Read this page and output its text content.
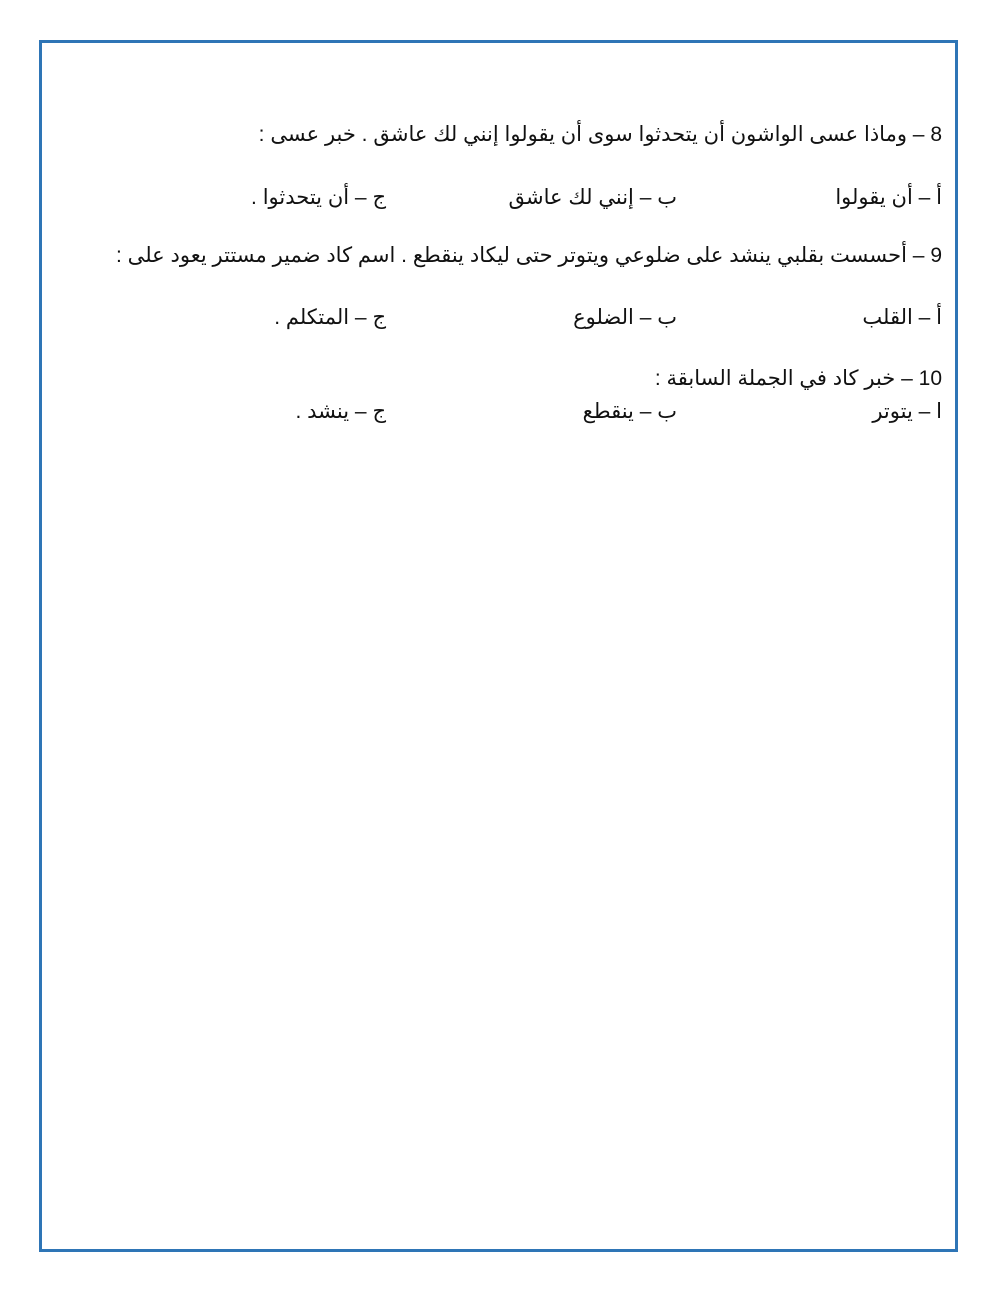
8 – وماذا عسى الواشون أن يتحدثوا سوى أن يقولوا إنني لك عاشق . خبر عسى :
أ – أن يقولوا
ب – إنني لك عاشق
ج – أن يتحدثوا .
9 – أحسست بقلبي ينشد على ضلوعي ويتوتر حتى ليكاد ينقطع . اسم كاد ضمير مستتر يعود على :
أ – القلب
ب – الضلوع
ج – المتكلم .
10 – خبر كاد في الجملة السابقة :
ا – يتوتر
ب – ينقطع
ج – ينشد .
